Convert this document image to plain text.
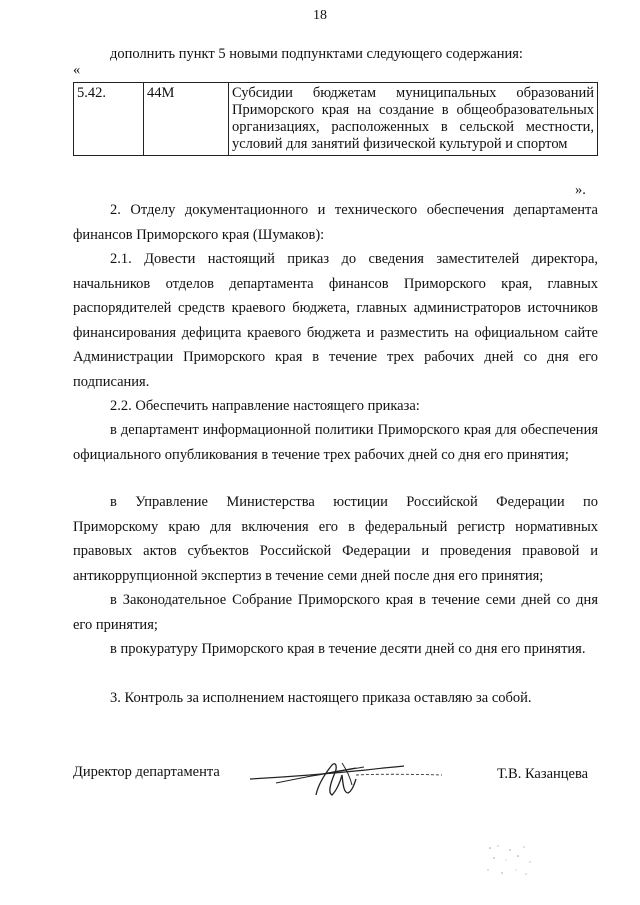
18
дополнить пункт 5 новыми подпунктами следующего содержания:
«
5.42.	44М	Субсидии бюджетам муниципальных образований Приморского края на создание в общеобразовательных организациях, расположенных в сельской местности, условий для занятий физической культурой и спортом
».

2. Отделу документационного и технического обеспечения департамента финансов Приморского края (Шумаков):

2.1. Довести настоящий приказ до сведения заместителей директора, начальников отделов департамента финансов Приморского края, главных распорядителей средств краевого бюджета, главных администраторов источников финансирования дефицита краевого бюджета и разместить на официальном сайте Администрации Приморского края в течение трех рабочих дней со дня его подписания.

2.2. Обеспечить направление настоящего приказа:

в департамент информационной политики Приморского края для обеспечения официального опубликования в течение трех рабочих дней со дня его принятия;

в Управление Министерства юстиции Российской Федерации по Приморскому краю для включения его в федеральный регистр нормативных правовых актов субъектов Российской Федерации и проведения правовой и антикоррупционной экспертиз в течение семи дней после дня его принятия;

в Законодательное Собрание Приморского края в течение семи дней со дня его принятия;

в прокуратуру Приморского края в течение десяти дней со дня его принятия.

3. Контроль за исполнением настоящего приказа оставляю за собой.

Директор департамента	Т.В. Казанцева
